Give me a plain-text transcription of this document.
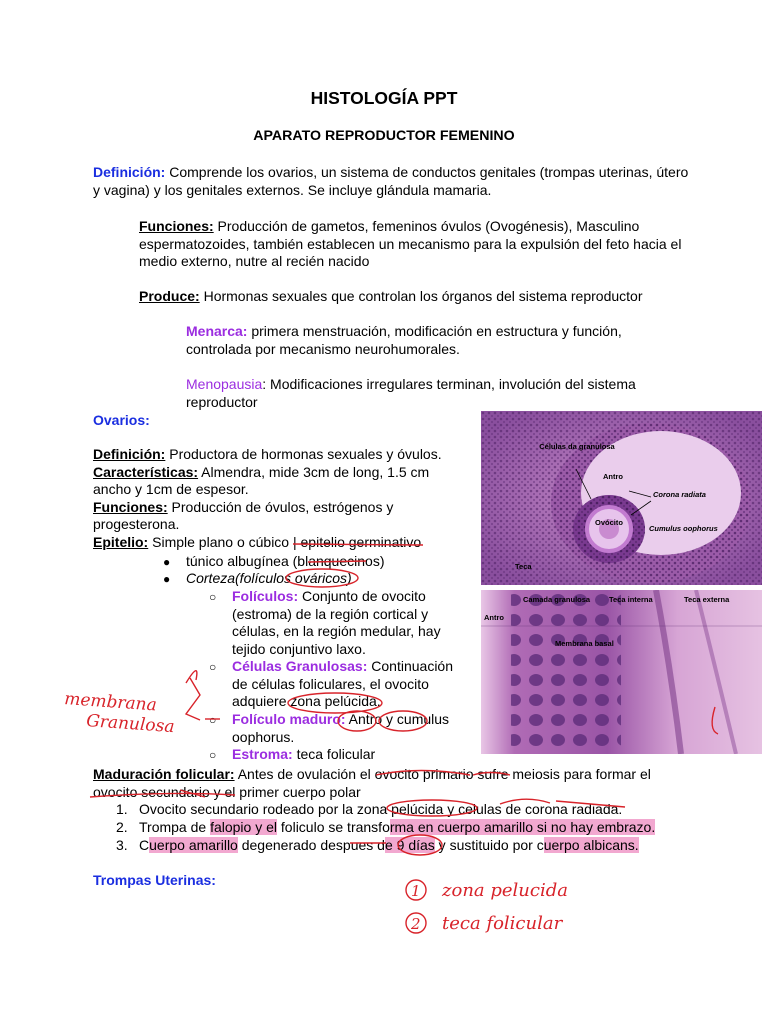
HISTOLOGÍA PPT
APARATO REPRODUCTOR FEMENINO

Definición: Comprende los ovarios, un sistema de conductos genitales (trompas uterinas, útero y vagina) y los genitales externos. Se incluye glándula mamaria.

Funciones: Producción de gametos, femeninos óvulos (Ovogénesis), Masculino espermatozoides, también establecen un mecanismo para la expulsión del feto hacia el medio externo, nutre al recién nacido

Produce: Hormonas sexuales que controlan los órganos del sistema reproductor

Menarca: primera menstruación, modificación en estructura y función, controlada por mecanismo neurohumorales.

Menopausia: Modificaciones irregulares terminan, involución del sistema reproductor

Ovarios:

Definición: Productora de hormonas sexuales y óvulos.

Características: Almendra, mide 3cm de long, 1.5 cm ancho y 1cm de espesor.

Funciones: Producción de óvulos, estrógenos y progesterona.

Epitelio: Simple plano o cúbico | epitelio germinativo

● túnico albugínea (blanquecinos)
● Corteza(folículos ováricos)
○ Folículos: Conjunto de ovocito (estroma) de la región cortical y células, en la región medular, hay tejido conjuntivo laxo.

○ Células Granulosas: Continuación de células foliculares, el ovocito adquiere zona pelúcida.

○ Folículo maduro: Antro y cumulus oophorus.

○ Estroma: teca folicular

Maduración folicular: Antes de ovulación el ovocito primario sufre meiosis para formar el ovocito secundario y el primer cuerpo polar

1. Ovocito secundario rodeado por la zona pelúcida y celulas de corona radiada.
2. Trompa de falopio y el foliculo se transforma en cuerpo amarillo si no hay embrazo.
3. Cuerpo amarillo degenerado despues de 9 días y sustituido por cuerpo albicans.
Trompas Uterinas:
Células da granulosa
Antro
Corona radiata
Ovócito
Cumulus oophorus
Teca
Antro
Camada granulosa	Teca interna	Teca externa
Membrana basal
membrana
Granulosa
1 zona pelucida
2 teca folicular
